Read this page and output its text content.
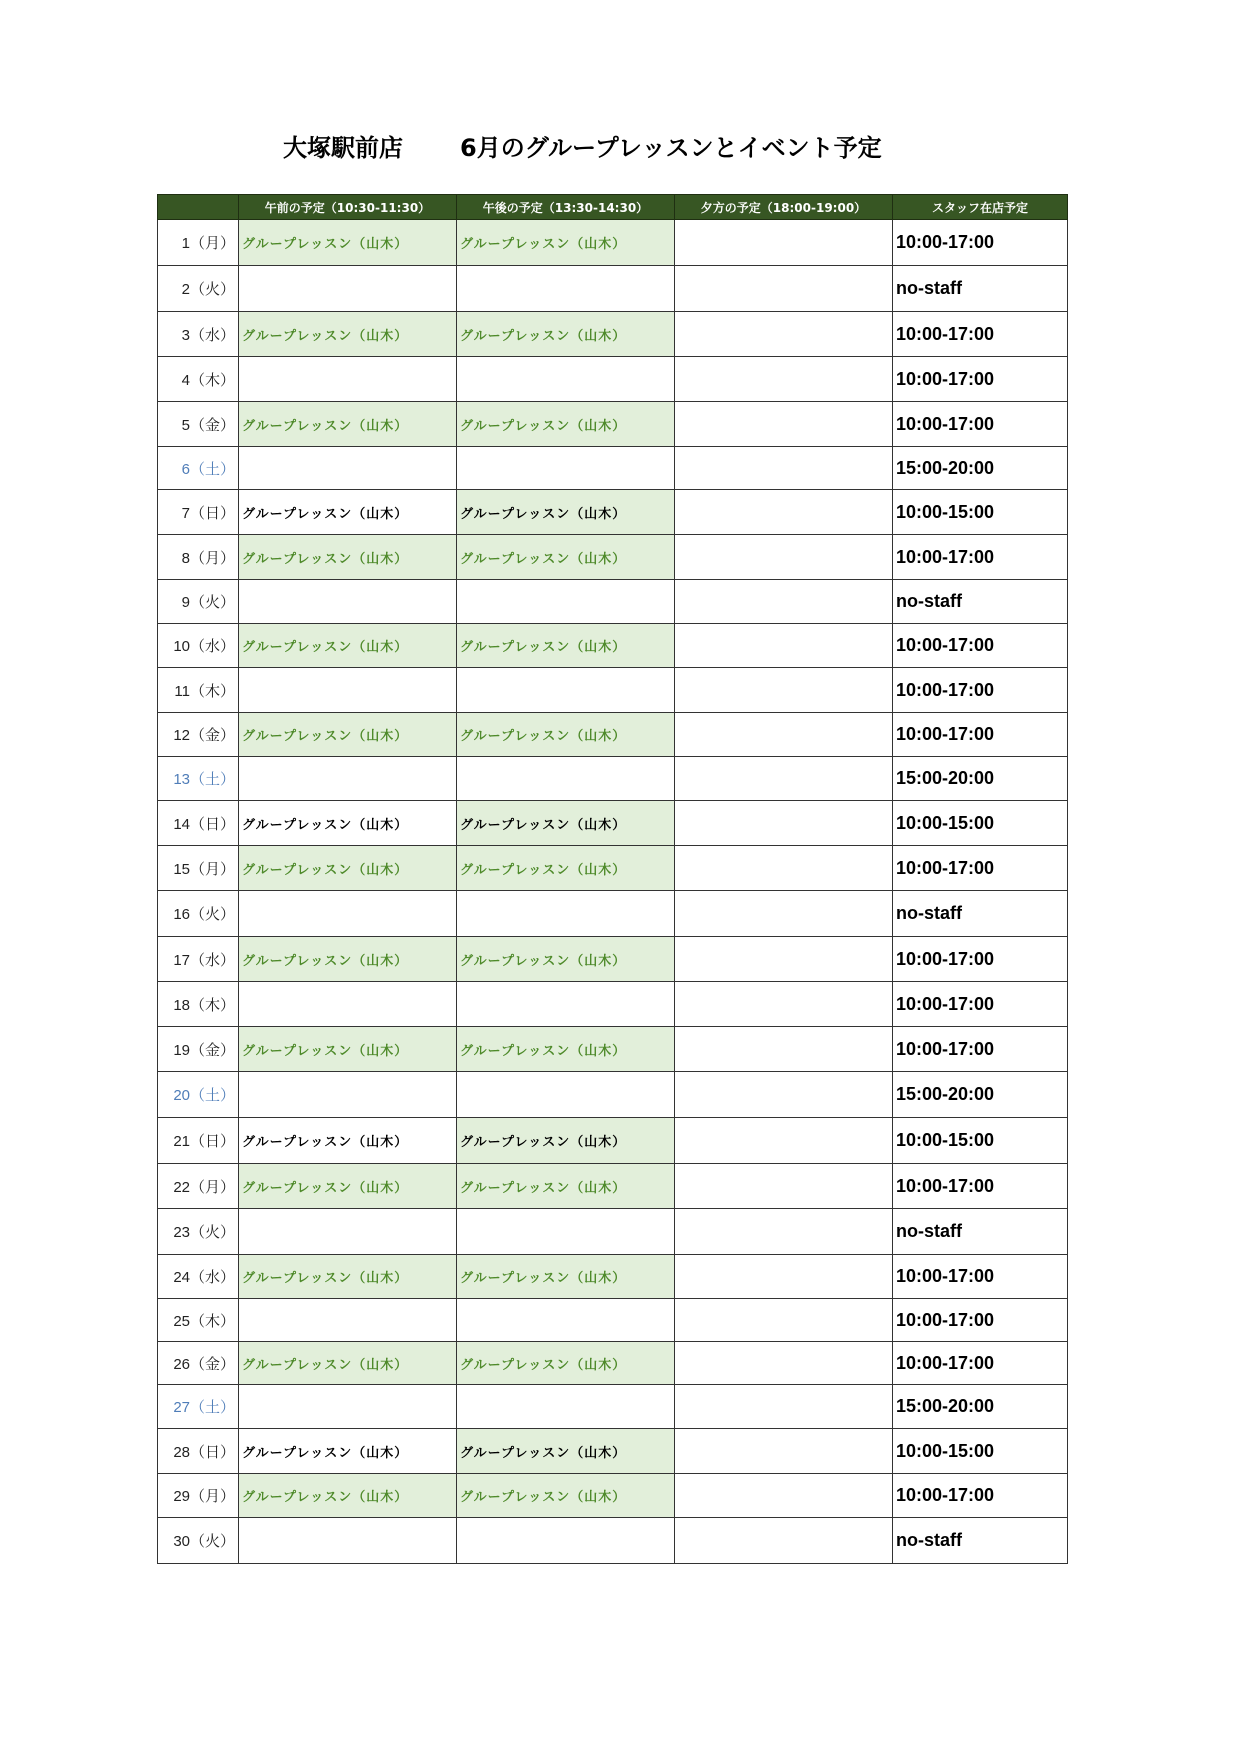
大塚駅前店 6月のグループレッスンとイベント予定
	午前の予定（10:30-11:30）	午後の予定（13:30-14:30）	夕方の予定（18:00-19:00）	スタッフ在店予定
1（月）	グループレッスン（山木）	グループレッスン（山木）		10:00-17:00
2（火）				no-staff
3（水）	グループレッスン（山木）	グループレッスン（山木）		10:00-17:00
4（木）				10:00-17:00
5（金）	グループレッスン（山木）	グループレッスン（山木）		10:00-17:00
6（土）				15:00-20:00
7（日）	グループレッスン（山木）	グループレッスン（山木）		10:00-15:00
8（月）	グループレッスン（山木）	グループレッスン（山木）		10:00-17:00
9（火）				no-staff
10（水）	グループレッスン（山木）	グループレッスン（山木）		10:00-17:00
11（木）				10:00-17:00
12（金）	グループレッスン（山木）	グループレッスン（山木）		10:00-17:00
13（土）				15:00-20:00
14（日）	グループレッスン（山木）	グループレッスン（山木）		10:00-15:00
15（月）	グループレッスン（山木）	グループレッスン（山木）		10:00-17:00
16（火）				no-staff
17（水）	グループレッスン（山木）	グループレッスン（山木）		10:00-17:00
18（木）				10:00-17:00
19（金）	グループレッスン（山木）	グループレッスン（山木）		10:00-17:00
20（土）				15:00-20:00
21（日）	グループレッスン（山木）	グループレッスン（山木）		10:00-15:00
22（月）	グループレッスン（山木）	グループレッスン（山木）		10:00-17:00
23（火）				no-staff
24（水）	グループレッスン（山木）	グループレッスン（山木）		10:00-17:00
25（木）				10:00-17:00
26（金）	グループレッスン（山木）	グループレッスン（山木）		10:00-17:00
27（土）				15:00-20:00
28（日）	グループレッスン（山木）	グループレッスン（山木）		10:00-15:00
29（月）	グループレッスン（山木）	グループレッスン（山木）		10:00-17:00
30（火）				no-staff
